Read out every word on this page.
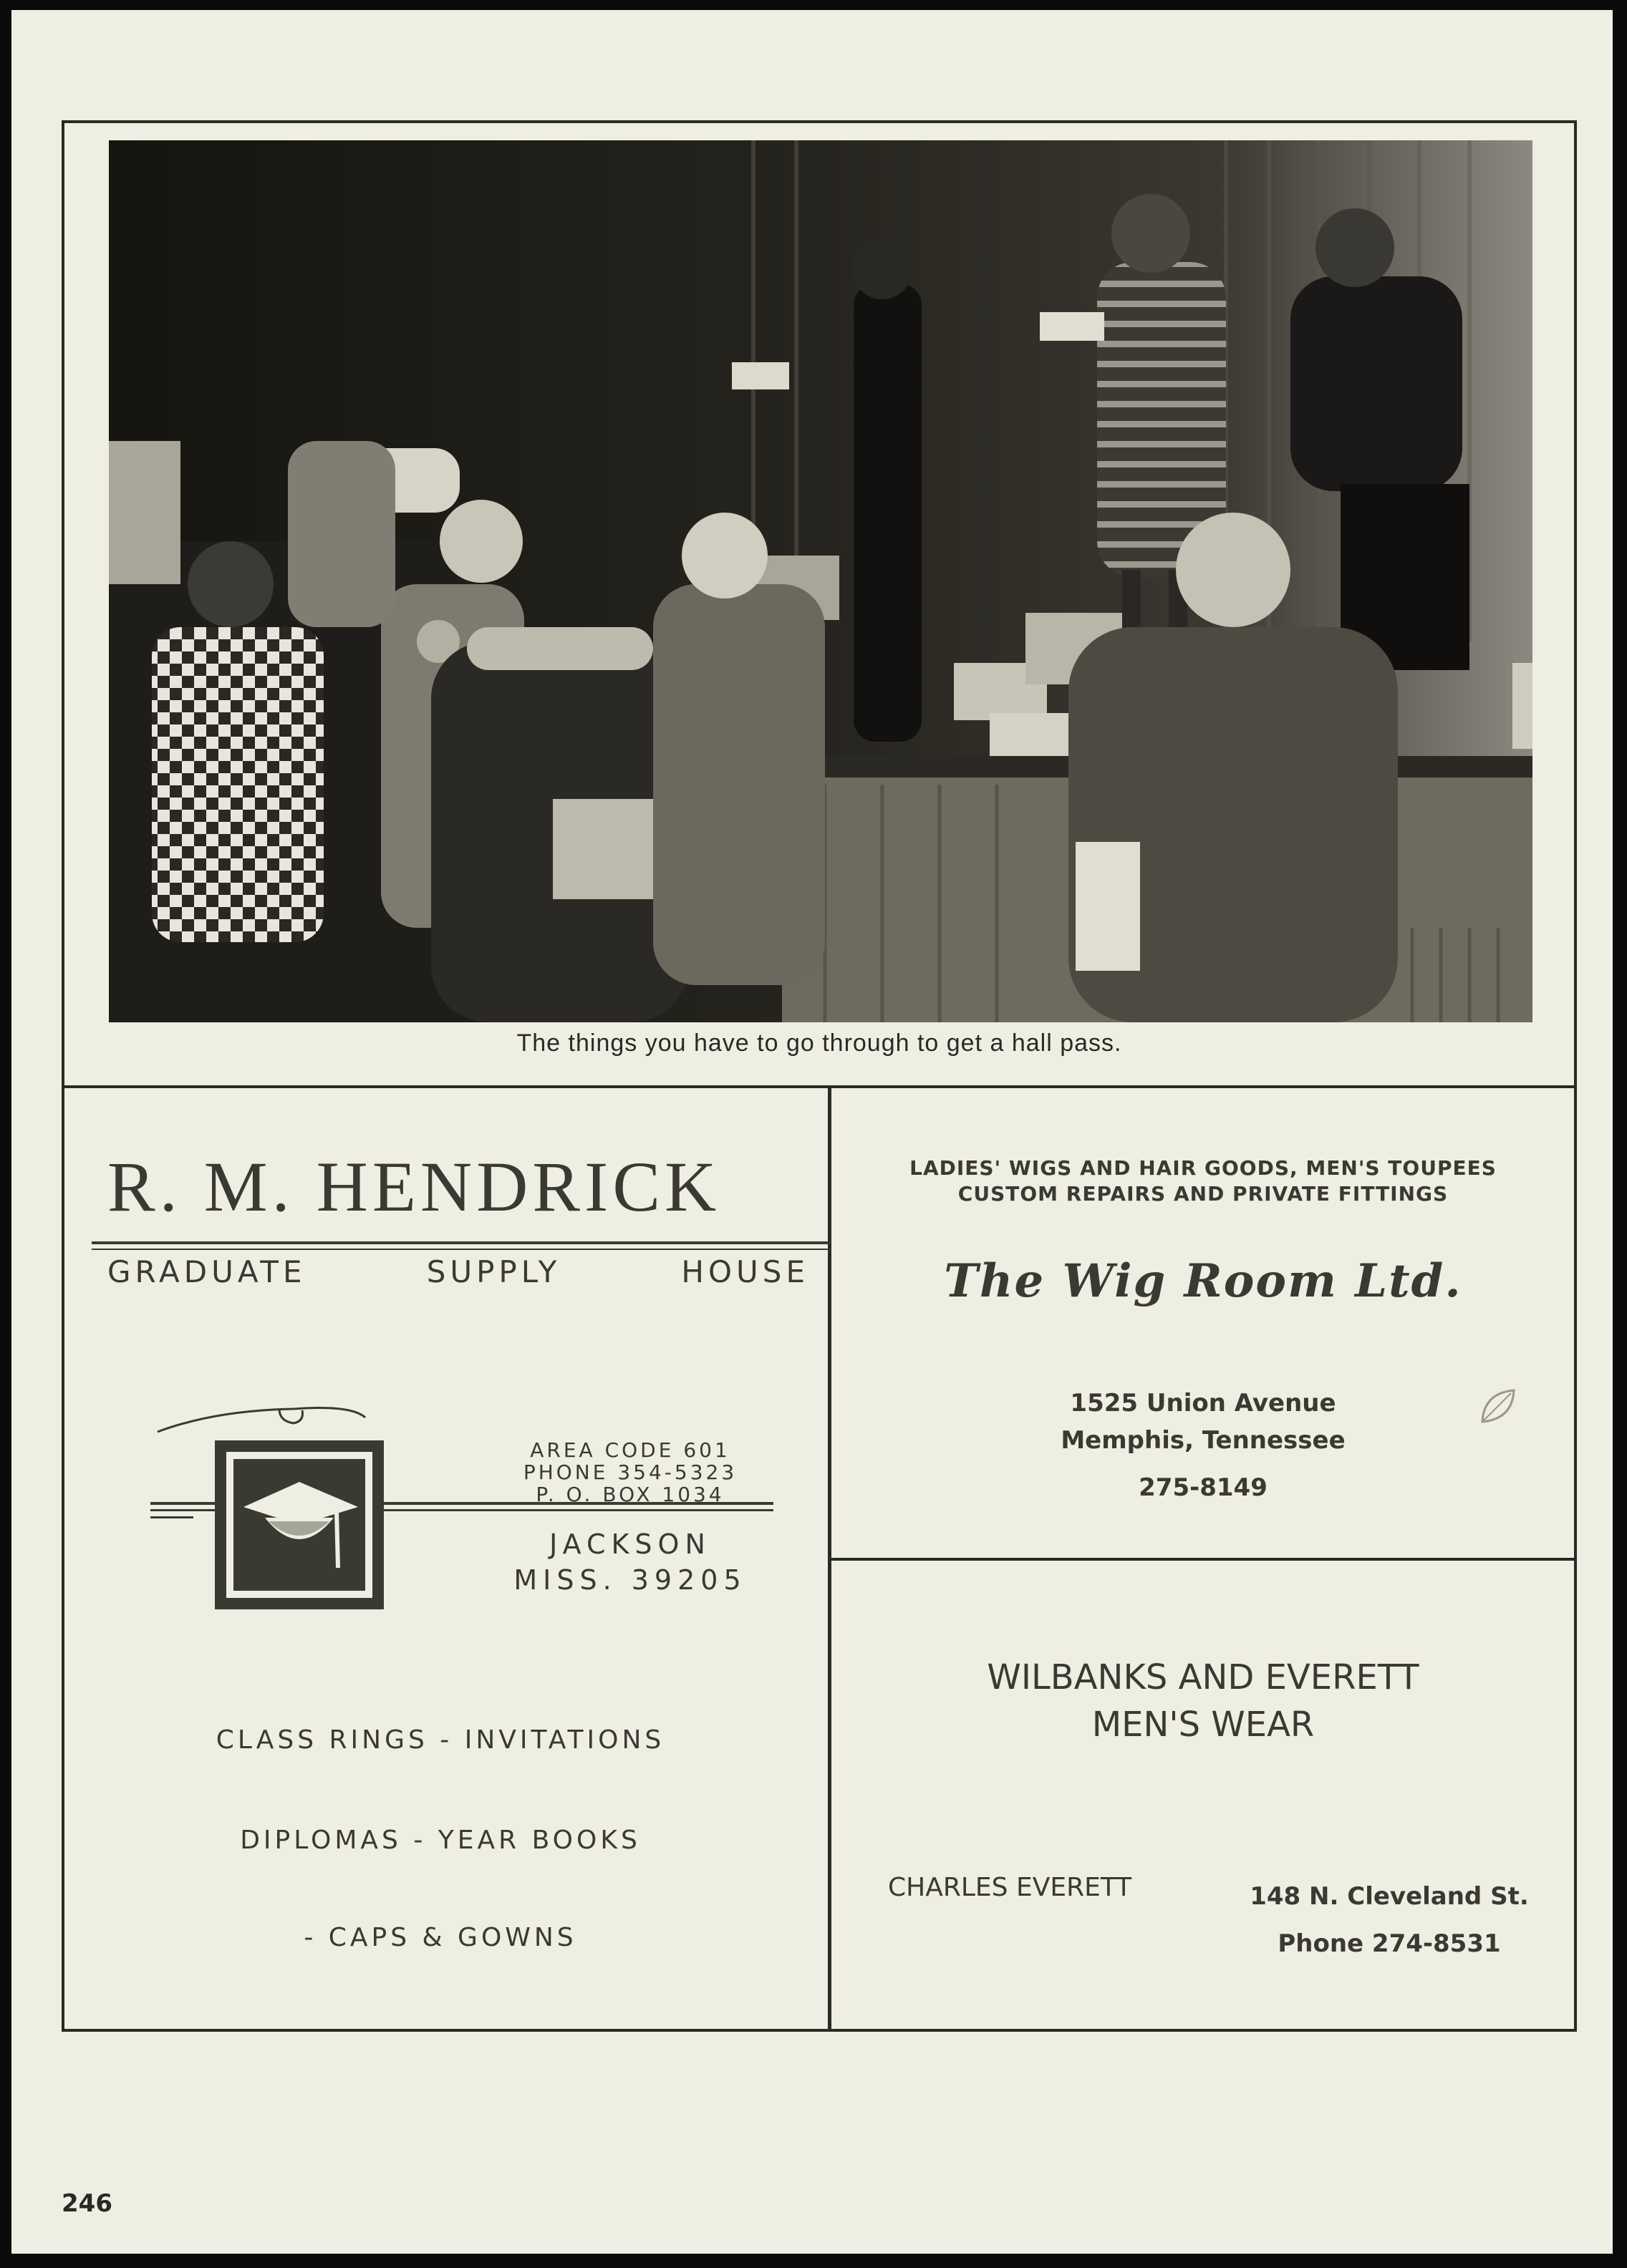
The things you have to go through to get a hall pass.
R. M. HENDRICK
GRADUATE	SUPPLY	HOUSE
AREA CODE 601
PHONE 354-5323
P. O. BOX 1034
JACKSON
MISS. 39205
CLASS RINGS - INVITATIONS
DIPLOMAS - YEAR BOOKS
- CAPS & GOWNS
LADIES' WIGS AND HAIR GOODS, MEN'S TOUPEES
CUSTOM REPAIRS AND PRIVATE FITTINGS
The Wig Room Ltd.
1525 Union Avenue
Memphis, Tennessee
275-8149
WILBANKS AND EVERETT
MEN'S WEAR
CHARLES EVERETT	148 N. Cleveland St.
Phone 274-8531
246
